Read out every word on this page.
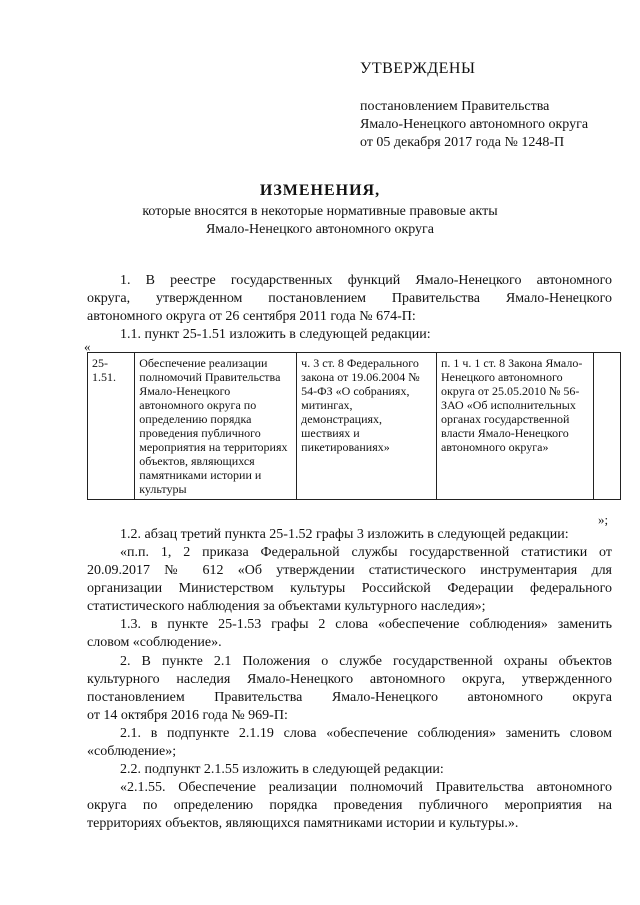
УТВЕРЖДЕНЫ
постановлением Правительства
Ямало-Ненецкого автономного округа
от 05 декабря 2017 года № 1248-П
ИЗМЕНЕНИЯ,
которые вносятся в некоторые нормативные правовые акты
Ямало-Ненецкого автономного округа
1. В реестре государственных функций Ямало-Ненецкого автономного
округа, утвержденном постановлением Правительства Ямало-Ненецкого
автономного округа от 26 сентября 2011 года № 674-П:
1.1. пункт 25-1.51 изложить в следующей редакции:
«
25-1.51.	Обеспечение реализации полномочий Правительства Ямало-Ненецкого автономного округа по определению порядка проведения публичного мероприятия на территориях объектов, являющихся памятниками истории и культуры	ч. 3 ст. 8 Федерального закона от 19.06.2004 № 54-ФЗ «О собраниях, митингах, демонстрациях, шествиях и пикетированиях»	п. 1 ч. 1 ст. 8 Закона Ямало-Ненецкого автономного округа от 25.05.2010 № 56-ЗАО «Об исполнительных органах государственной власти Ямало-Ненецкого автономного округа»	
»;
1.2. абзац третий пункта 25-1.52 графы 3 изложить в следующей редакции:
«п.п. 1, 2 приказа Федеральной службы государственной статистики от
20.09.2017 № 612 «Об утверждении статистического инструментария для
организации Министерством культуры Российской Федерации федерального
статистического наблюдения за объектами культурного наследия»;
1.3. в пункте 25-1.53 графы 2 слова «обеспечение соблюдения» заменить
словом «соблюдение».
2. В пункте 2.1 Положения о службе государственной охраны объектов
культурного наследия Ямало-Ненецкого автономного округа, утвержденного
постановлением Правительства Ямало-Ненецкого автономного округа
от 14 октября 2016 года № 969-П:
2.1. в подпункте 2.1.19 слова «обеспечение соблюдения» заменить словом
«соблюдение»;
2.2. подпункт 2.1.55 изложить в следующей редакции:
«2.1.55. Обеспечение реализации полномочий Правительства автономного
округа по определению порядка проведения публичного мероприятия на
территориях объектов, являющихся памятниками истории и культуры.».
